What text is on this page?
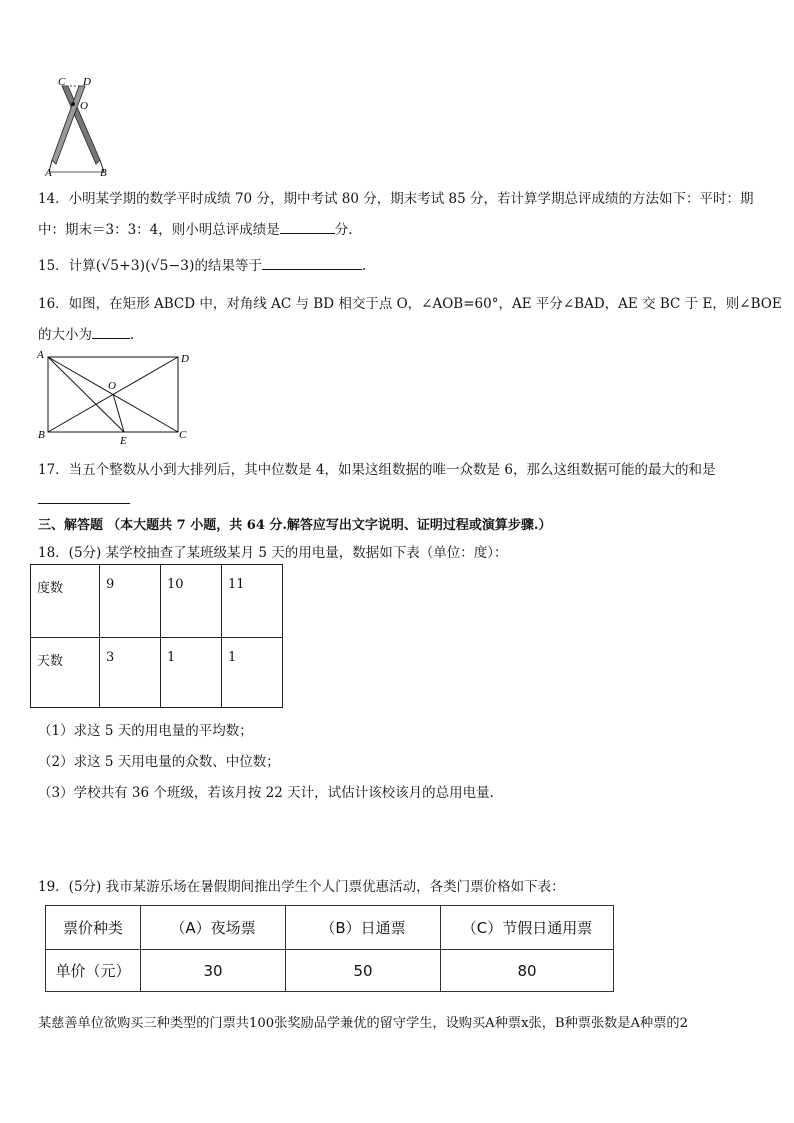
C D
O
A	B
14．小明某学期的数学平时成绩 70 分，期中考试 80 分，期末考试 85 分，若计算学期总评成绩的方法如下：平时：期
中：期末＝3：3：4，则小明总评成绩是	分.
15．计算(√5+3)(√5−3)的结果等于	.
16．如图，在矩形 ABCD 中，对角线 AC 与 BD 相交于点 O，∠AOB=60°，AE 平分∠BAD，AE 交 BC 于 E，则∠BOE
的大小为	.
A	D
O
B	E	C
17．当五个整数从小到大排列后，其中位数是 4，如果这组数据的唯一众数是 6，那么这组数据可能的最大的和是
三、解答题 （本大题共 7 小题，共 64 分.解答应写出文字说明、证明过程或演算步骤.）
18．(5分) 某学校抽查了某班级某月 5 天的用电量，数据如下表（单位：度）：
度数	9	10	11
天数	3	1	1
（1）求这 5 天的用电量的平均数；
（2）求这 5 天用电量的众数、中位数；
（3）学校共有 36 个班级，若该月按 22 天计，试估计该校该月的总用电量.
19．(5分) 我市某游乐场在暑假期间推出学生个人门票优惠活动，各类门票价格如下表：
票价种类	（A）夜场票	（B）日通票	（C）节假日通用票
单价（元）	30	50	80
某慈善单位欲购买三种类型的门票共100张奖励品学兼优的留守学生，设购买A种票x张，B种票张数是A种票的2
